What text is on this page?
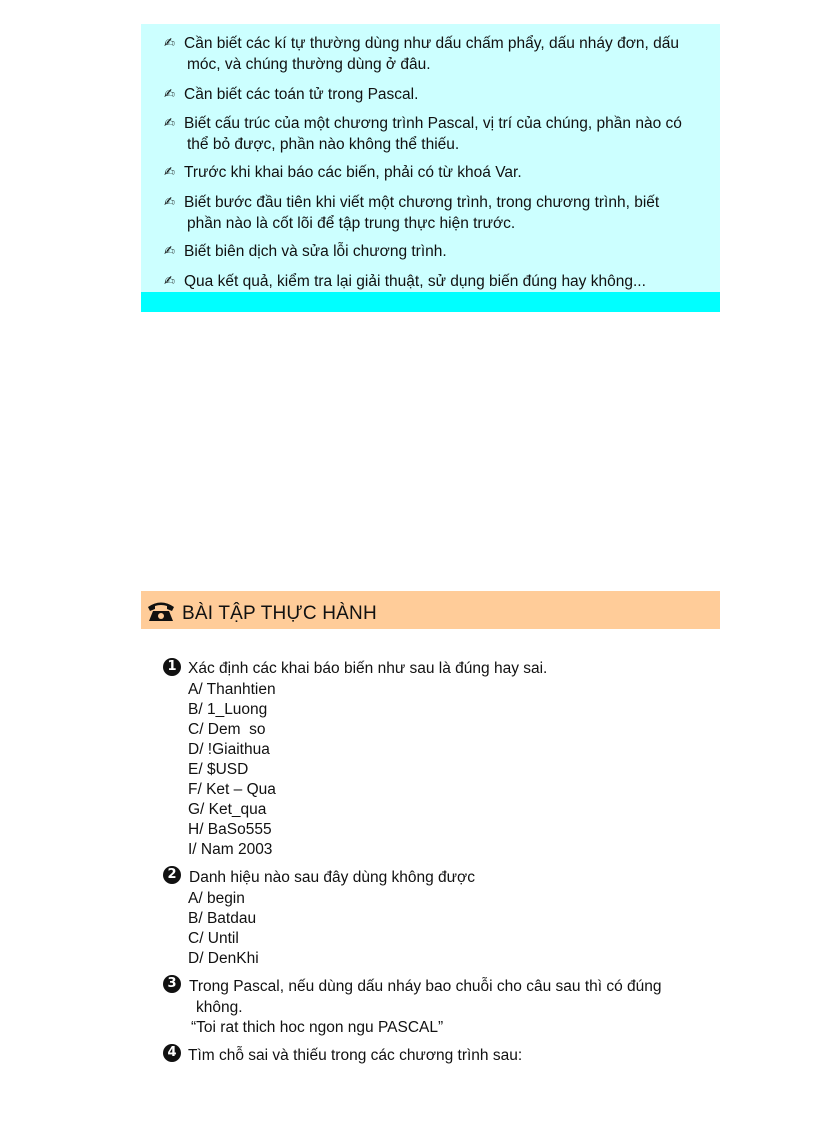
✍ Cần biết các kí tự thường dùng như dấu chấm phẩy, dấu nháy đơn, dấu
móc, và chúng thường dùng ở đâu.
✍ Cần biết các toán tử trong Pascal.
✍ Biết cấu trúc của một chương trình Pascal, vị trí của chúng, phần nào có
thể bỏ được, phần nào không thể thiếu.
✍ Trước khi khai báo các biến, phải có từ khoá Var.
✍ Biết bước đầu tiên khi viết một chương trình, trong chương trình, biết
phần nào là cốt lõi để tập trung thực hiện trước.
✍ Biết biên dịch và sửa lỗi chương trình.
✍ Qua kết quả, kiểm tra lại giải thuật, sử dụng biến đúng hay không...
BÀI TẬP THỰC HÀNH
1 Xác định các khai báo biến như sau là đúng hay sai.
A/ Thanhtien
B/ 1_Luong
C/ Dem  so
D/ !Giaithua
E/ $USD
F/ Ket – Qua
G/ Ket_qua
H/ BaSo555
I/ Nam 2003
2 Danh hiệu nào sau đây dùng không được
A/ begin
B/ Batdau
C/ Until
D/ DenKhi
3 Trong Pascal, nếu dùng dấu nháy bao chuỗi cho câu sau thì có đúng
không.
“Toi rat thich hoc ngon ngu PASCAL”
4 Tìm chỗ sai và thiếu trong các chương trình sau:
